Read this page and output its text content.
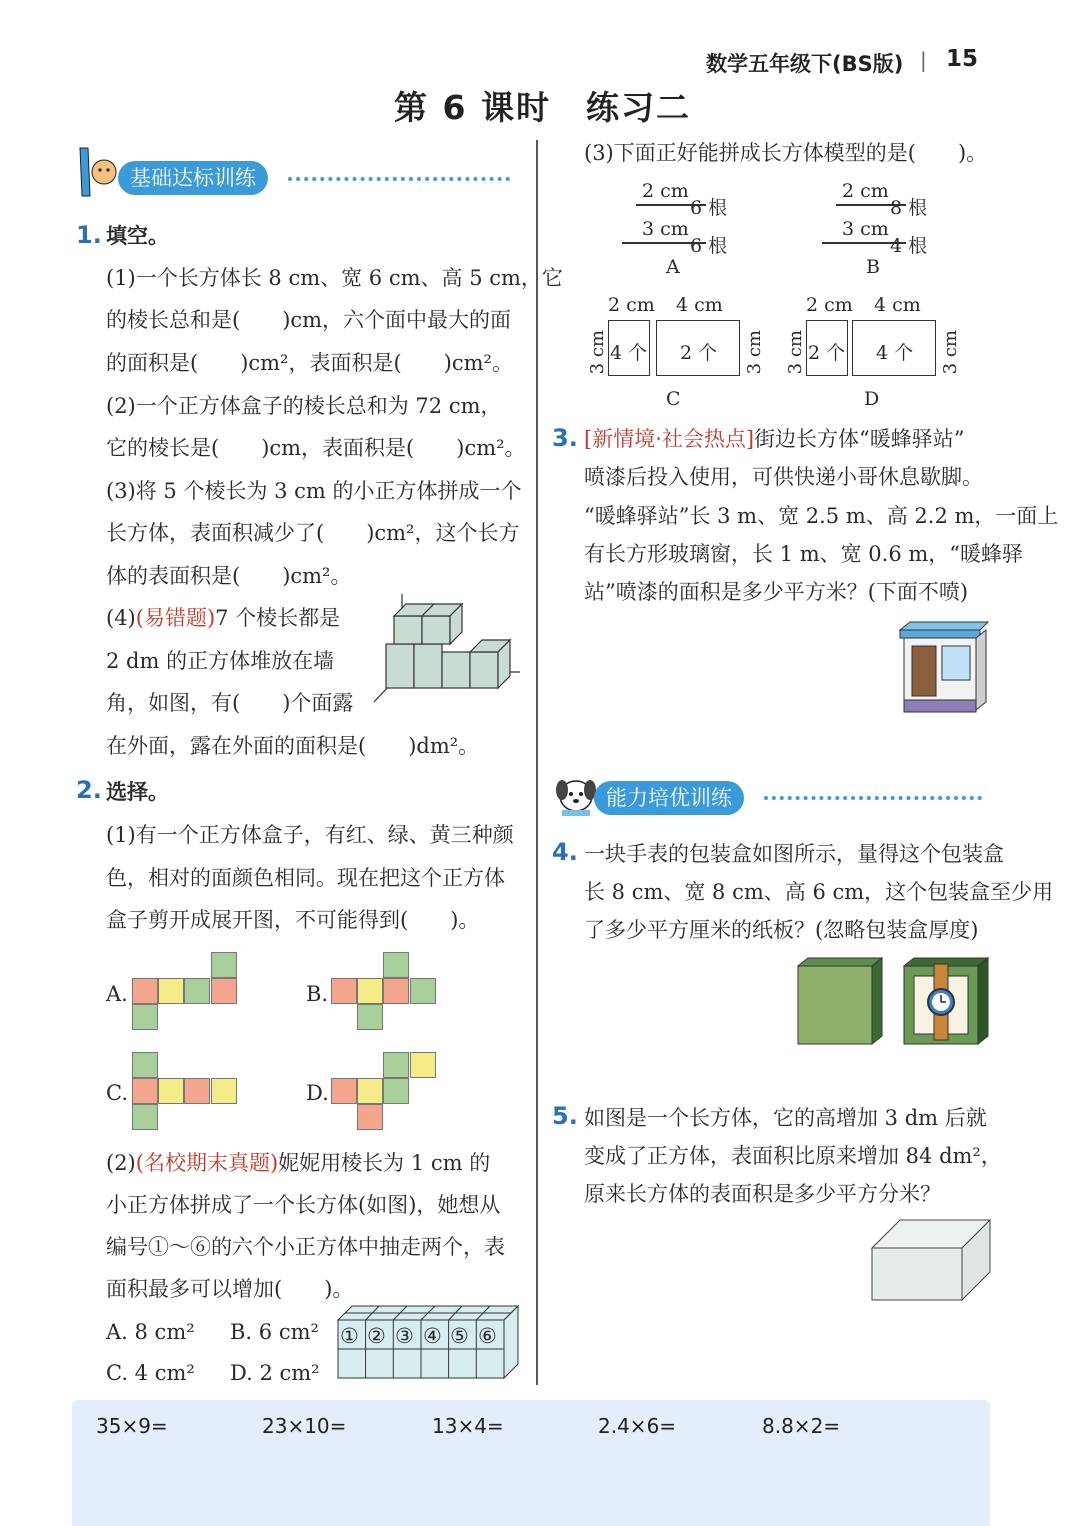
数学五年级下(BS版) | 15
第 6 课时　练习二
基础达标训练
1. 填空。
(1)一个长方体长 8 cm、宽 6 cm、高 5 cm，它
的棱长总和是(　　)cm，六个面中最大的面
的面积是(　　)cm²，表面积是(　　)cm²。
(2)一个正方体盒子的棱长总和为 72 cm，
它的棱长是(　　)cm，表面积是(　　)cm²。
(3)将 5 个棱长为 3 cm 的小正方体拼成一个
长方体，表面积减少了(　　)cm²，这个长方
体的表面积是(　　)cm²。
(4)(易错题)7 个棱长都是
2 dm 的正方体堆放在墙
角，如图，有(　　)个面露
在外面，露在外面的面积是(　　)dm²。
2. 选择。
(1)有一个正方体盒子，有红、绿、黄三种颜
色，相对的面颜色相同。现在把这个正方体
盒子剪开成展开图，不可能得到(　　)。
A.	B.
C.	D.
(2)(名校期末真题)妮妮用棱长为 1 cm 的
小正方体拼成了一个长方体(如图)，她想从
编号①～⑥的六个小正方体中抽走两个，表
面积最多可以增加(　　)。
A. 8 cm² B. 6 cm²
C. 4 cm² D. 2 cm²
① ② ③ ④ ⑤ ⑥
(3)下面正好能拼成长方体模型的是(　　)。
2 cm
6 根
3 cm
6 根
A
2 cm
8 根
3 cm
4 根
B
2 cm 4 cm
3 cm 4 个 2 个 3 cm
C
2 cm 4 cm
3 cm 2 个 4 个 3 cm
D
3. [新情境·社会热点]街边长方体“暖蜂驿站”
喷漆后投入使用，可供快递小哥休息歇脚。
“暖蜂驿站”长 3 m、宽 2.5 m、高 2.2 m，一面上
有长方形玻璃窗，长 1 m、宽 0.6 m，“暖蜂驿
站”喷漆的面积是多少平方米？(下面不喷)
能力培优训练
4. 一块手表的包装盒如图所示，量得这个包装盒
长 8 cm、宽 8 cm、高 6 cm，这个包装盒至少用
了多少平方厘米的纸板？(忽略包装盒厚度)
5. 如图是一个长方体，它的高增加 3 dm 后就
变成了正方体，表面积比原来增加 84 dm²，
原来长方体的表面积是多少平方分米？
35×9=	23×10=	13×4=	2.4×6=	8.8×2=
